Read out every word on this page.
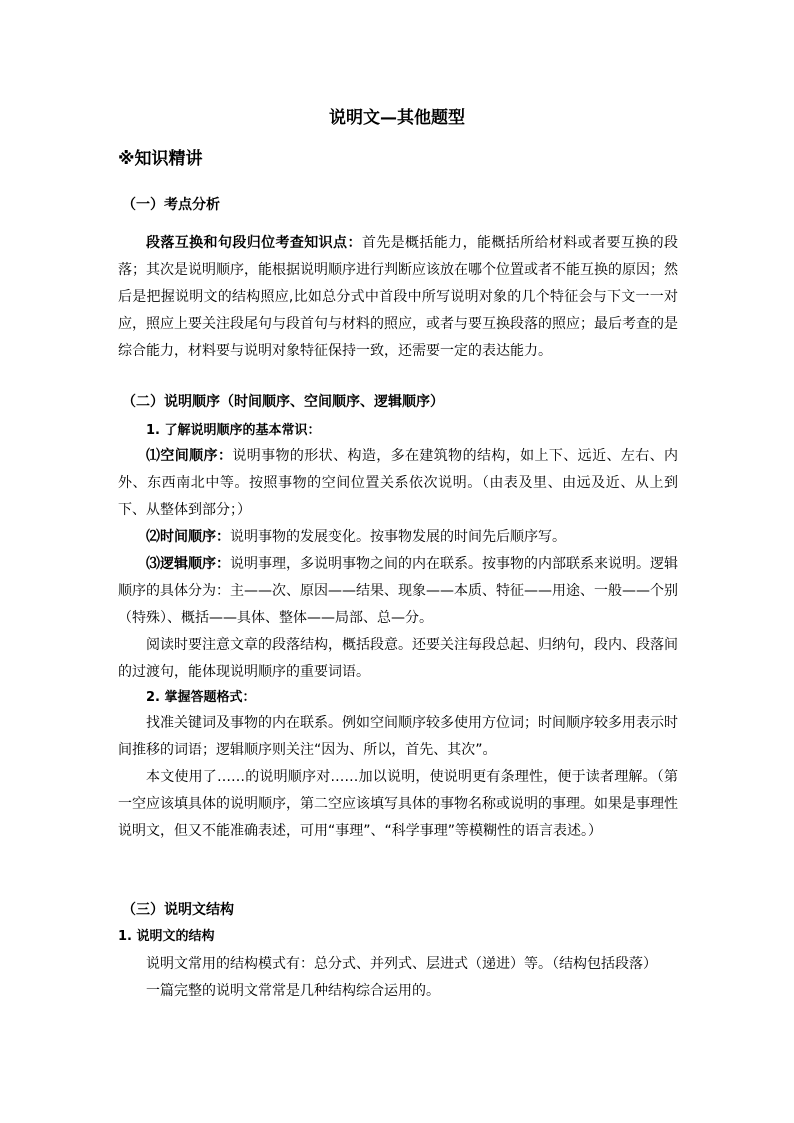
说明文—其他题型
※知识精讲
（一）考点分析
段落互换和句段归位考查知识点：首先是概括能力，能概括所给材料或者要互换的段落；其次是说明顺序，能根据说明顺序进行判断应该放在哪个位置或者不能互换的原因；然后是把握说明文的结构照应,比如总分式中首段中所写说明对象的几个特征会与下文一一对应，照应上要关注段尾句与段首句与材料的照应，或者与要互换段落的照应；最后考查的是综合能力，材料要与说明对象特征保持一致，还需要一定的表达能力。
（二）说明顺序（时间顺序、空间顺序、逻辑顺序）
1. 了解说明顺序的基本常识：
⑴空间顺序：说明事物的形状、构造，多在建筑物的结构，如上下、远近、左右、内外、东西南北中等。按照事物的空间位置关系依次说明。（由表及里、由远及近、从上到下、从整体到部分；）
⑵时间顺序：说明事物的发展变化。按事物发展的时间先后顺序写。
⑶逻辑顺序：说明事理，多说明事物之间的内在联系。按事物的内部联系来说明。逻辑顺序的具体分为：主——次、原因——结果、现象——本质、特征——用途、一般——个别（特殊）、概括——具体、整体——局部、总—分。
阅读时要注意文章的段落结构，概括段意。还要关注每段总起、归纳句，段内、段落间的过渡句，能体现说明顺序的重要词语。
2. 掌握答题格式：
找准关键词及事物的内在联系。例如空间顺序较多使用方位词；时间顺序较多用表示时间推移的词语；逻辑顺序则关注“因为、所以，首先、其次”。
本文使用了……的说明顺序对……加以说明，使说明更有条理性，便于读者理解。（第一空应该填具体的说明顺序，第二空应该填写具体的事物名称或说明的事理。如果是事理性说明文，但又不能准确表述，可用“事理”、“科学事理”等模糊性的语言表述。）
（三）说明文结构
1. 说明文的结构
说明文常用的结构模式有：总分式、并列式、层进式（递进）等。（结构包括段落）
一篇完整的说明文常常是几种结构综合运用的。
